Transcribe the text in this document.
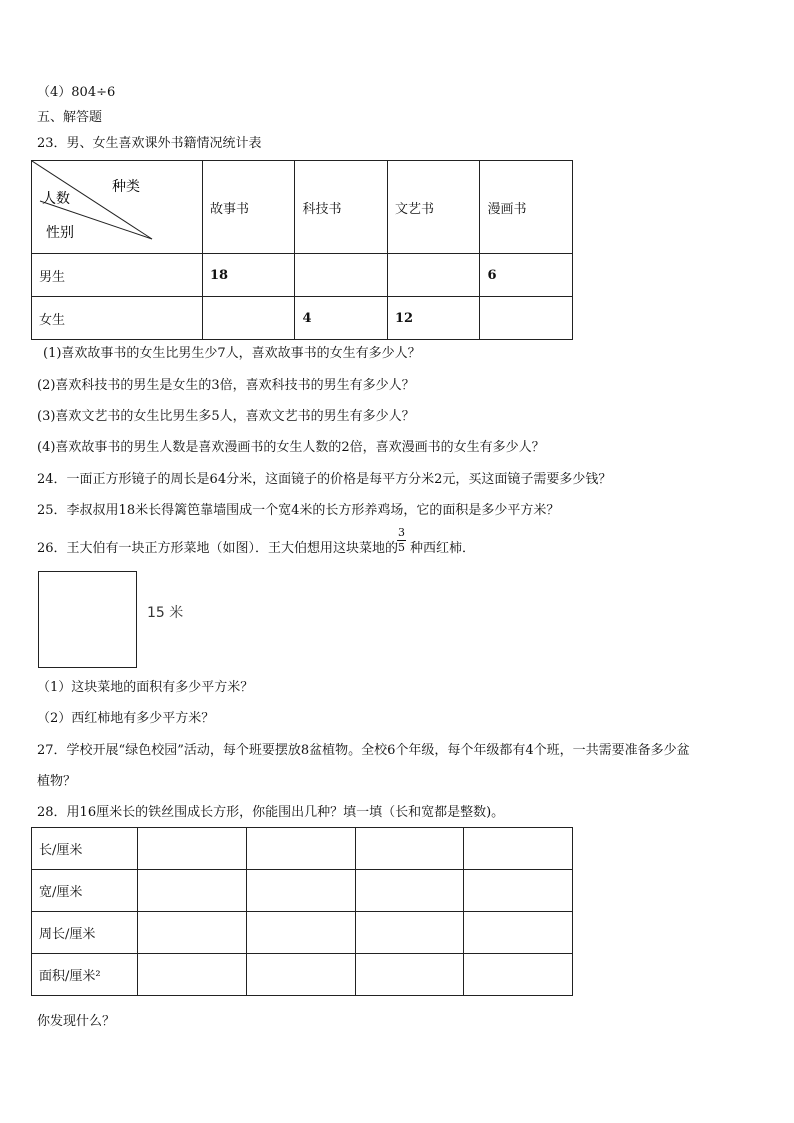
（4）804÷6
五、解答题
23．男、女生喜欢课外书籍情况统计表
种类
人数
性别	故事书	科技书	文艺书	漫画书
男生	18			6
女生		4	12	
(1)喜欢故事书的女生比男生少7人，喜欢故事书的女生有多少人？
(2)喜欢科技书的男生是女生的3倍，喜欢科技书的男生有多少人？
(3)喜欢文艺书的女生比男生多5人，喜欢文艺书的男生有多少人？
(4)喜欢故事书的男生人数是喜欢漫画书的女生人数的2倍，喜欢漫画书的女生有多少人？
24．一面正方形镜子的周长是64分米，这面镜子的价格是每平方分米2元，买这面镜子需要多少钱？
25．李叔叔用18米长得篱笆靠墙围成一个宽4米的长方形养鸡场，它的面积是多少平方米？
26．王大伯有一块正方形菜地（如图）．王大伯想用这块菜地的
3
5 种西红柿．
15 米
（1）这块菜地的面积有多少平方米？
（2）西红柿地有多少平方米？
27．学校开展“绿色校园”活动，每个班要摆放8盆植物。全校6个年级，每个年级都有4个班，一共需要准备多少盆
植物？
28．用16厘米长的铁丝围成长方形，你能围出几种？填一填（长和宽都是整数)。
长/厘米				
宽/厘米				
周长/厘米				
面积/厘米²				
你发现什么？
